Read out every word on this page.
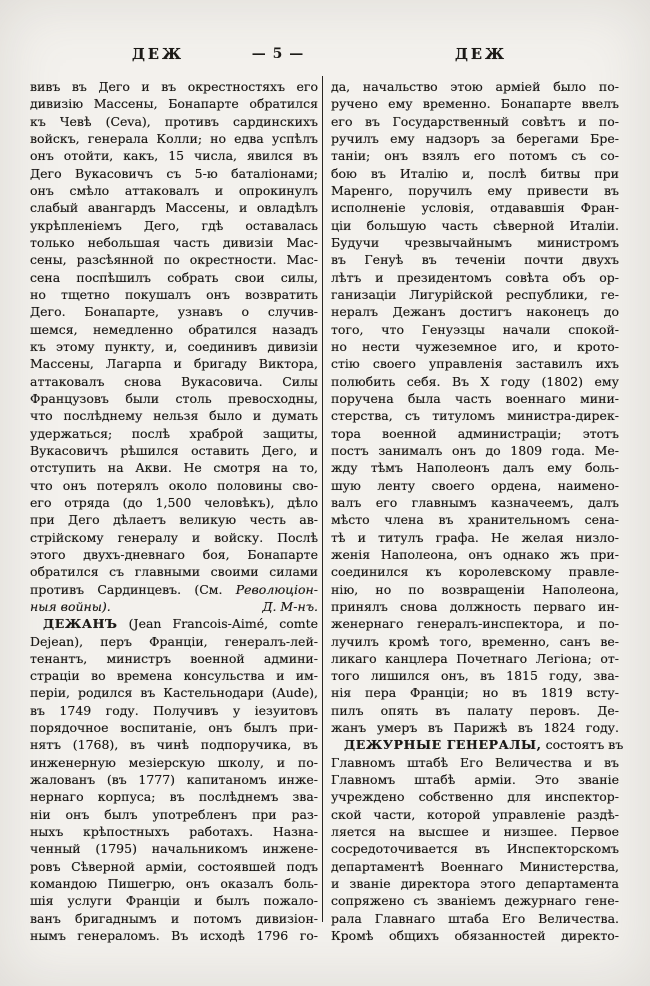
ДЕЖ	— 5 —	ДЕЖ
вивъ въ Дего и въ окрестностяхъ его
дивизію Массены, Бонапарте обратился
къ Чевѣ (Ceva), противъ сардинскихъ
войскъ, генерала Колли; но едва успѣлъ
онъ отойти, какъ, 15 числа, явился въ
Дего Вукасовичъ съ 5-ю баталіонами;
онъ смѣло аттаковалъ и опрокинулъ
слабый авангардъ Массены, и овладѣлъ
укрѣпленіемъ Дего, гдѣ оставалась
только небольшая часть дивизіи Мас-
сены, разсѣянной по окрестности. Мас-
сена поспѣшилъ собрать свои силы,
но тщетно покушалъ онъ возвратить
Дего. Бонапарте, узнавъ о случив-
шемся, немедленно обратился назадъ
къ этому пункту, и, соединивъ дивизіи
Массены, Лагарпа и бригаду Виктора,
аттаковалъ снова Вукасовича. Силы
Французовъ были столь превосходны,
что послѣднему нельзя было и думать
удержаться; послѣ храброй защиты,
Вукасовичъ рѣшился оставить Дего, и
отступить на Акви. Не смотря на то,
что онъ потерялъ около половины сво-
его отряда (до 1,500 человѣкъ), дѣло
при Дего дѣлаетъ великую честь ав-
стрійскому генералу и войску. Послѣ
этого двухъ-дневнаго боя, Бонапарте
обратился съ главными своими силами
противъ Сардинцевъ. (См. Революціон-
ныя войны).	Д. М-нъ.
ДЕЖАНЪ (Jean Francois-Aimé, comte
Dejean), перъ Франціи, генералъ-лей-
тенантъ, министръ военной админи-
страціи во времена консульства и им-
періи, родился въ Кастельнодари (Aude),
въ 1749 году. Получивъ у іезуитовъ
порядочное воспитаніе, онъ былъ при-
нятъ (1768), въ чинѣ подпоручика, въ
инженерную мезіерскую школу, и по-
жалованъ (въ 1777) капитаномъ инже-
нернаго корпуса; въ послѣднемъ зва-
ніи онъ былъ употребленъ при раз-
ныхъ крѣпостныхъ работахъ. Назна-
ченный (1795) начальникомъ инжене-
ровъ Сѣверной арміи, состоявшей подъ
командою Пишегрю, онъ оказалъ боль-
шія услуги Франціи и былъ пожало-
ванъ бригаднымъ и потомъ дивизіон-
нымъ генераломъ. Въ исходѣ 1796 го-
да, начальство этою арміей было по-
ручено ему временно. Бонапарте ввелъ
его въ Государственный совѣтъ и по-
ручилъ ему надзоръ за берегами Бре-
таніи; онъ взялъ его потомъ съ со-
бою въ Италію и, послѣ битвы при
Маренго, поручилъ ему привести въ
исполненіе условія, отдававшія Фран-
ціи большую часть сѣверной Италіи.
Будучи чрезвычайнымъ министромъ
въ Генуѣ въ теченіи почти двухъ
лѣтъ и президентомъ совѣта объ ор-
ганизаціи Лигурійской республики, ге-
нералъ Дежанъ достигъ наконецъ до
того, что Генуэзцы начали спокой-
но нести чужеземное иго, и крото-
стію своего управленія заставилъ ихъ
полюбить себя. Въ X году (1802) ему
поручена была часть военнаго мини-
стерства, съ титуломъ министра-дирек-
тора военной администраціи; этотъ
постъ занималъ онъ до 1809 года. Ме-
жду тѣмъ Наполеонъ далъ ему боль-
шую ленту своего ордена, наимено-
валъ его главнымъ казначеемъ, далъ
мѣсто члена въ хранительномъ сена-
тѣ и титулъ графа. Не желая низло-
женія Наполеона, онъ однако жъ при-
соединился къ королевскому правле-
нію, но по возвращеніи Наполеона,
принялъ снова должность перваго ин-
женернаго генералъ-инспектора, и по-
лучилъ кромѣ того, временно, санъ ве-
ликаго канцлера Почетнаго Легіона; от-
того лишился онъ, въ 1815 году, зва-
нія пера Франціи; но въ 1819 всту-
пилъ опять въ палату перовъ. Де-
жанъ умеръ въ Парижѣ въ 1824 году.
ДЕЖУРНЫЕ ГЕНЕРАЛЫ, состоятъ въ
Главномъ штабѣ Его Величества и въ
Главномъ штабѣ арміи. Это званіе
учреждено собственно для инспектор-
ской части, которой управленіе раздѣ-
ляется на высшее и низшее. Первое
сосредоточивается въ Инспекторскомъ
департаментѣ Военнаго Министерства,
и званіе директора этого департамента
сопряжено съ званіемъ дежурнаго гене-
рала Главнаго штаба Его Величества.
Кромѣ общихъ обязанностей директо-
